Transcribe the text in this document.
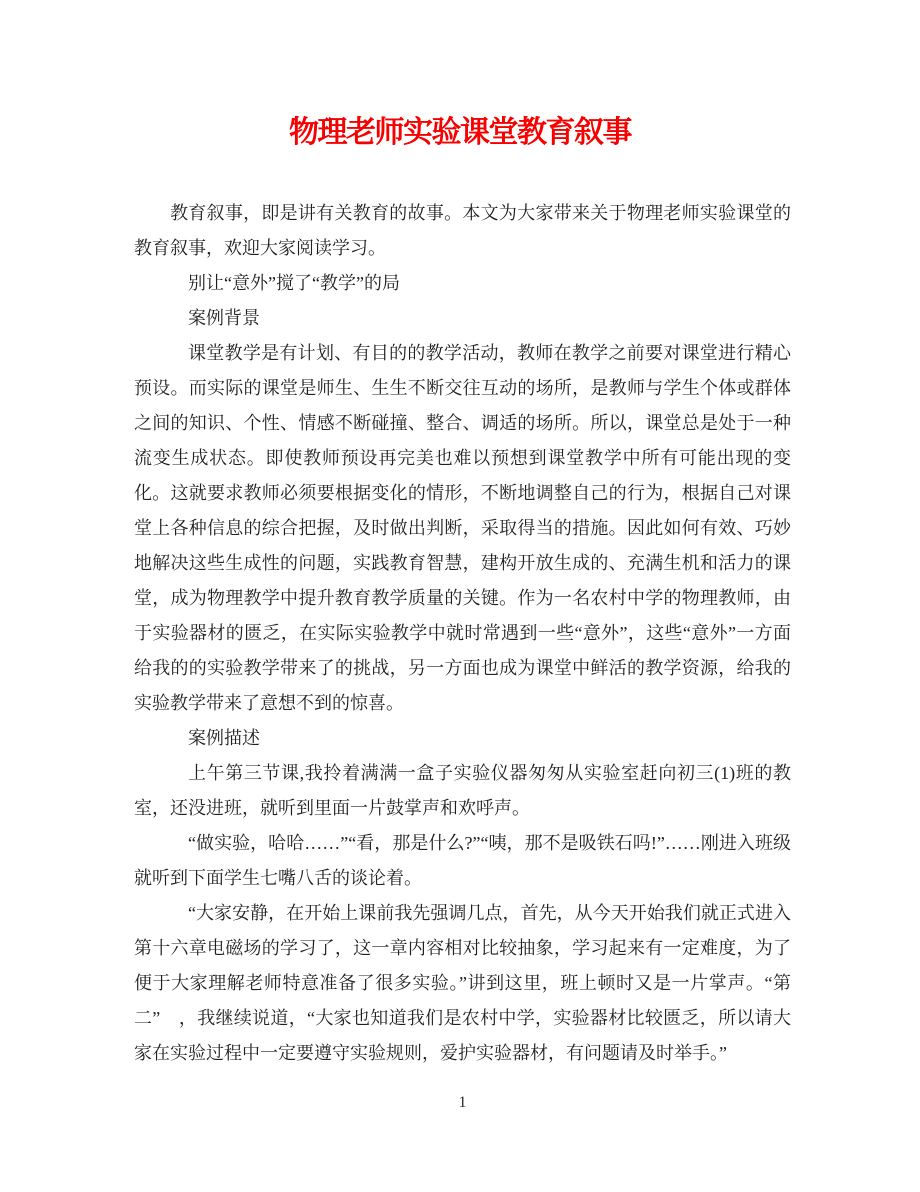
物理老师实验课堂教育叙事

教育叙事，即是讲有关教育的故事。本文为大家带来关于物理老师实验课堂的教育叙事，欢迎大家阅读学习。

别让“意外”搅了“教学”的局

案例背景

课堂教学是有计划、有目的的教学活动，教师在教学之前要对课堂进行精心预设。而实际的课堂是师生、生生不断交往互动的场所，是教师与学生个体或群体之间的知识、个性、情感不断碰撞、整合、调适的场所。所以，课堂总是处于一种流变生成状态。即使教师预设再完美也难以预想到课堂教学中所有可能出现的变化。这就要求教师必须要根据变化的情形，不断地调整自己的行为，根据自己对课堂上各种信息的综合把握，及时做出判断，采取得当的措施。因此如何有效、巧妙地解决这些生成性的问题，实践教育智慧，建构开放生成的、充满生机和活力的课堂，成为物理教学中提升教育教学质量的关键。作为一名农村中学的物理教师，由于实验器材的匮乏，在实际实验教学中就时常遇到一些“意外”，这些“意外”一方面给我的的实验教学带来了的挑战，另一方面也成为课堂中鲜活的教学资源，给我的实验教学带来了意想不到的惊喜。

案例描述

上午第三节课,我拎着满满一盒子实验仪器匆匆从实验室赶向初三(1)班的教室，还没进班，就听到里面一片鼓掌声和欢呼声。

“做实验，哈哈……”“看，那是什么?”“咦，那不是吸铁石吗!”……刚进入班级就听到下面学生七嘴八舌的谈论着。

“大家安静，在开始上课前我先强调几点，首先，从今天开始我们就正式进入第十六章电磁场的学习了，这一章内容相对比较抽象，学习起来有一定难度，为了便于大家理解老师特意准备了很多实验。”讲到这里，班上顿时又是一片掌声。“第二”　，我继续说道，“大家也知道我们是农村中学，实验器材比较匮乏，所以请大家在实验过程中一定要遵守实验规则，爱护实验器材，有问题请及时举手。”

1
